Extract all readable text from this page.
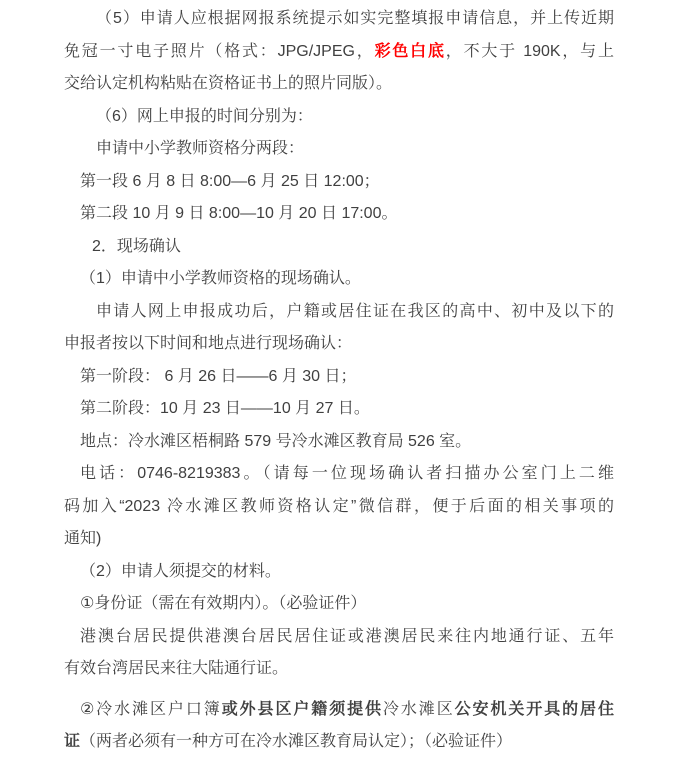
（5）申请人应根据网报系统提示如实完整填报申请信息，并上传近期
免冠一寸电子照片（格式：JPG/JPEG，彩色白底，不大于 190K，与上
交给认定机构粘贴在资格证书上的照片同版）。

（6）网上申报的时间分别为：

申请中小学教师资格分两段：

第一段 6 月 8 日 8:00—6 月 25 日 12:00；

第二段 10 月 9 日 8:00—10 月 20 日 17:00。

2．现场确认

（1）申请中小学教师资格的现场确认。

申请人网上申报成功后，户籍或居住证在我区的高中、初中及以下的
申报者按以下时间和地点进行现场确认：

第一阶段： 6 月 26 日——6 月 30 日；

第二阶段：10 月 23 日——10 月 27 日。

地点：冷水滩区梧桐路 579 号冷水滩区教育局 526 室。

电话：0746-8219383。（请每一位现场确认者扫描办公室门上二维
码加入“2023 冷水滩区教师资格认定”微信群，便于后面的相关事项的
通知)

（2）申请人须提交的材料。

①身份证（需在有效期内）。（必验证件）

港澳台居民提供港澳台居民居住证或港澳居民来往内地通行证、五年
有效台湾居民来往大陆通行证。

②冷水滩区户口簿或外县区户籍须提供冷水滩区公安机关开具的居住
证（两者必须有一种方可在冷水滩区教育局认定）；（必验证件）
